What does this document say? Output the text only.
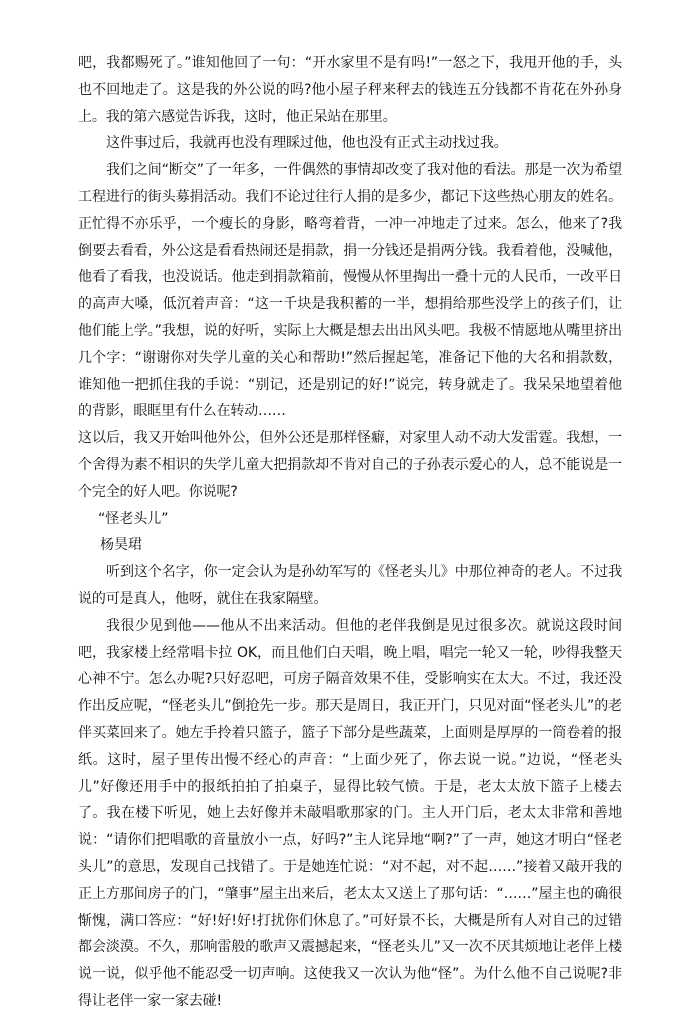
吧，我都赐死了。”谁知他回了一句：“开水家里不是有吗!”一怒之下，我甩开他的手，头也不回地走了。这是我的外公说的吗?他小屋子秤来秤去的钱连五分钱都不肯花在外孙身上。我的第六感觉告诉我，这时，他正呆站在那里。

这件事过后，我就再也没有理睬过他，他也没有正式主动找过我。

我们之间“断交”了一年多，一件偶然的事情却改变了我对他的看法。那是一次为希望工程进行的街头募捐活动。我们不论过往行人捐的是多少，都记下这些热心朋友的姓名。正忙得不亦乐乎，一个瘦长的身影，略弯着背，一冲一冲地走了过来。怎么，他来了?我倒要去看看，外公这是看看热闹还是捐款，捐一分钱还是捐两分钱。我看着他，没喊他，他看了看我，也没说话。他走到捐款箱前，慢慢从怀里掏出一叠十元的人民币，一改平日的高声大嗓，低沉着声音：“这一千块是我积蓄的一半，想捐给那些没学上的孩子们，让他们能上学。”我想，说的好听，实际上大概是想去出出风头吧。我极不情愿地从嘴里挤出几个字：“谢谢你对失学儿童的关心和帮助!”然后握起笔，准备记下他的大名和捐款数，谁知他一把抓住我的手说：“别记，还是别记的好!”说完，转身就走了。我呆呆地望着他的背影，眼眶里有什么在转动……

这以后，我又开始叫他外公，但外公还是那样怪癖，对家里人动不动大发雷霆。我想，一个舍得为素不相识的失学儿童大把捐款却不肯对自己的子孙表示爱心的人，总不能说是一个完全的好人吧。你说呢?

“怪老头儿”

杨昊珺

听到这个名字，你一定会认为是孙幼军写的《怪老头儿》中那位神奇的老人。不过我说的可是真人，他呀，就住在我家隔壁。

我很少见到他——他从不出来活动。但他的老伴我倒是见过很多次。就说这段时间吧，我家楼上经常唱卡拉 OK，而且他们白天唱，晚上唱，唱完一轮又一轮，吵得我整天心神不宁。怎么办呢?只好忍吧，可房子隔音效果不佳，受影响实在太大。不过，我还没作出反应呢，“怪老头儿”倒抢先一步。那天是周日，我正开门，只见对面“怪老头儿”的老伴买菜回来了。她左手拎着只篮子，篮子下部分是些蔬菜，上面则是厚厚的一筒卷着的报纸。这时，屋子里传出慢不经心的声音：“上面少死了，你去说一说。”边说，“怪老头儿”好像还用手中的报纸拍拍了拍桌子，显得比较气愤。于是，老太太放下篮子上楼去了。我在楼下听见，她上去好像并未敲唱歌那家的门。主人开门后，老太太非常和善地说：“请你们把唱歌的音量放小一点，好吗?”主人诧异地“啊?”了一声，她这才明白“怪老头儿”的意思，发现自己找错了。于是她连忙说：“对不起，对不起……”接着又敲开我的正上方那间房子的门，“肇事”屋主出来后，老太太又送上了那句话：“……”屋主也的确很惭愧，满口答应：“好!好!好!打扰你们休息了。”可好景不长，大概是所有人对自己的过错都会淡漠。不久，那响雷般的歌声又震撼起来，“怪老头儿”又一次不厌其烦地让老伴上楼说一说，似乎他不能忍受一切声响。这使我又一次认为他“怪”。为什么他不自己说呢?非得让老伴一家一家去碰!
